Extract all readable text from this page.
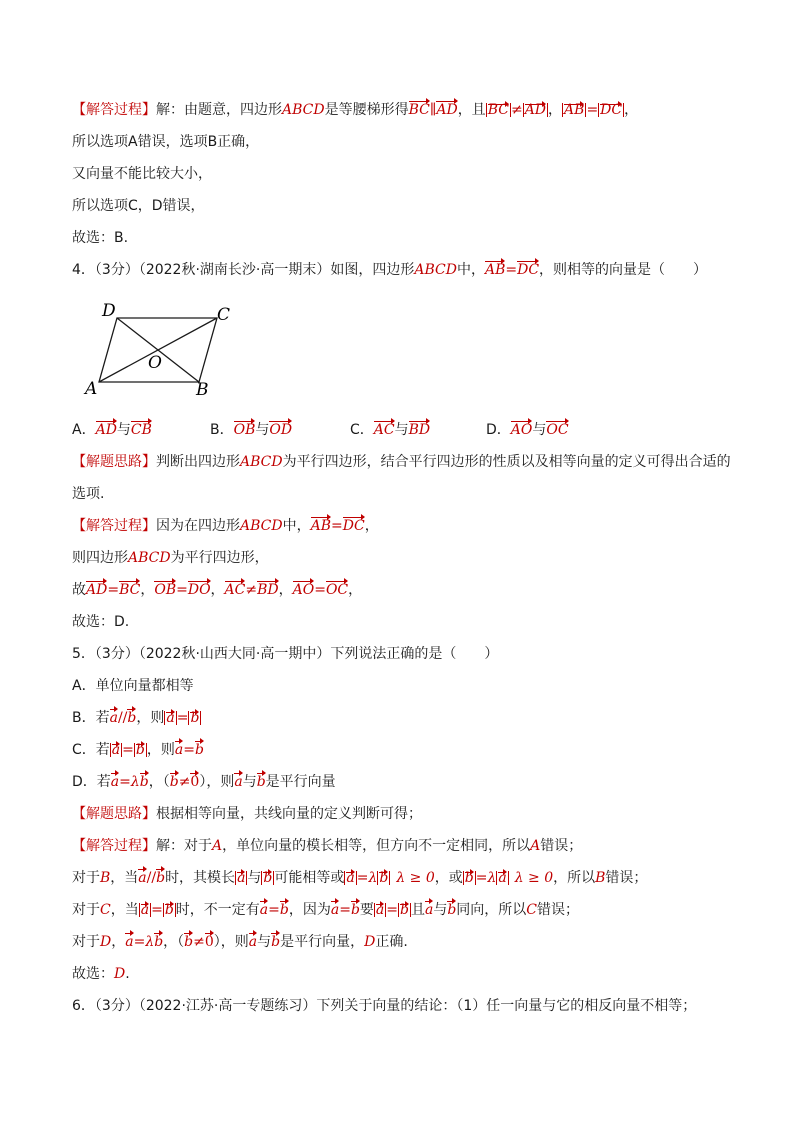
【解答过程】解：由题意，四边形ABCD是等腰梯形得BC∥AD，且 BC ≠ AD ， AB = DC ，
所以选项A错误，选项B正确，
又向量不能比较大小，
所以选项C，D错误，
故选：B.
4．（3分）（2022秋·湖南长沙·高一期末）如图，四边形ABCD中，AB=DC，则相等的向量是（　　）
D	C
O
A	B
A．AD与CB	B．OB与OD	C．AC与BD	D．AO与OC
【解题思路】判断出四边形ABCD为平行四边形，结合平行四边形的性质以及相等向量的定义可得出合适的
选项.
【解答过程】因为在四边形ABCD中，AB=DC，
则四边形ABCD为平行四边形，
故AD=BC，OB=DO，AC≠BD，AO=OC，
故选：D.
5．（3分）（2022秋·山西大同·高一期中）下列说法正确的是（　　）
A．单位向量都相等
B．若a//b，则 a = b
C．若 a = b ，则a=b
D．若a=λb，（b≠0），则a与b是平行向量
【解题思路】根据相等向量，共线向量的定义判断可得；
【解答过程】解：对于A，单位向量的模长相等，但方向不一定相同，所以A错误；
对于B，当a//b时，其模长 a 与 b 可能相等或 a =λ b λ ≥ 0，或 b =λ a λ ≥ 0，所以B错误；
对于C，当 a = b 时，不一定有a=b，因为a=b要 a = b 且a与b同向，所以C错误；
对于D，a=λb，（b≠0），则a与b是平行向量，D正确.
故选：D.
6．（3分）（2022·江苏·高一专题练习）下列关于向量的结论：（1）任一向量与它的相反向量不相等；
